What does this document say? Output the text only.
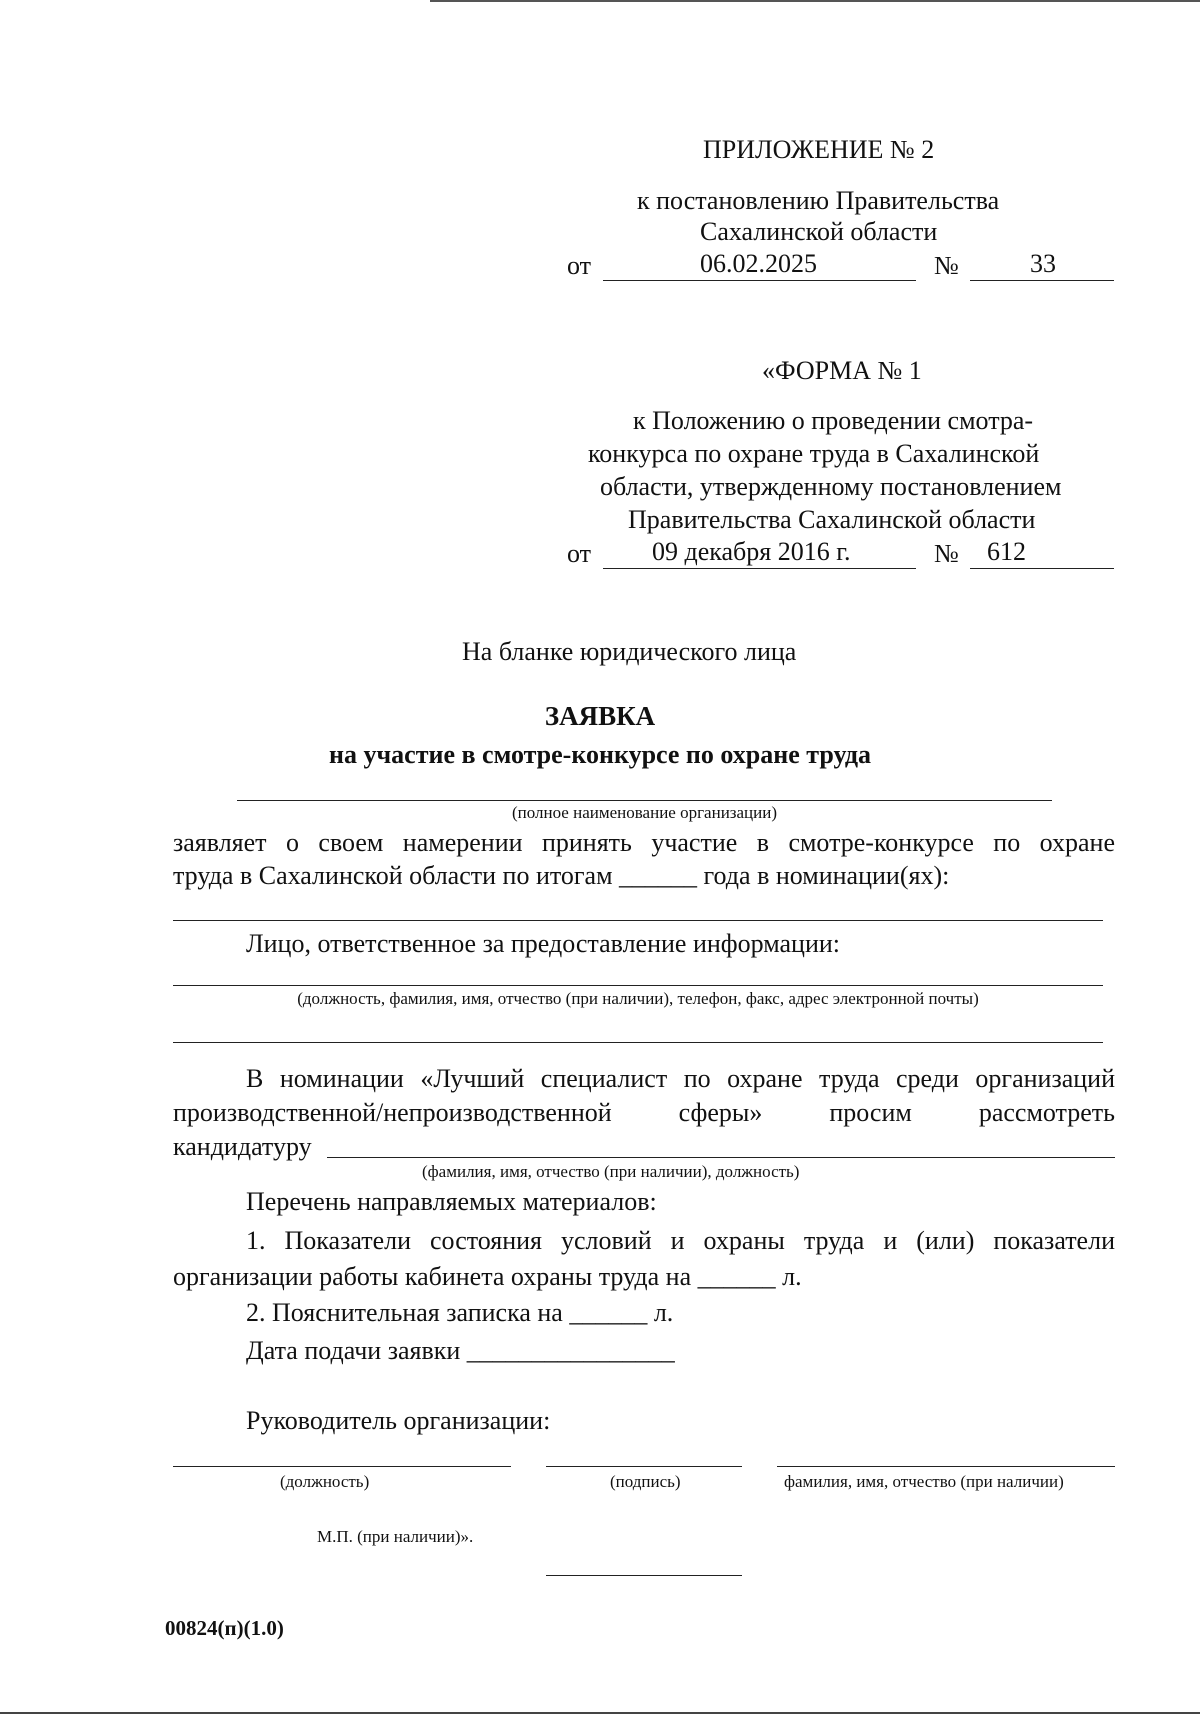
ПРИЛОЖЕНИЕ № 2
к постановлению Правительства
Сахалинской области
от	06.02.2025	№	33
«ФОРМА № 1
к Положению о проведении смотра-
конкурса по охране труда в Сахалинской
области, утвержденному постановлением
Правительства Сахалинской области
от 09 декабря 2016 г.	№ 612
На бланке юридического лица
ЗАЯВКА
на участие в смотре-конкурсе по охране труда
(полное наименование организации)
заявляет о своем намерении принять участие в смотре-конкурсе по охране
труда в Сахалинской области по итогам ______ года в номинации(ях):
Лицо, ответственное за предоставление информации:
(должность, фамилия, имя, отчество (при наличии), телефон, факс, адрес электронной почты)
В номинации «Лучший специалист по охране труда среди организаций
производственной/непроизводственной сферы» просим рассмотреть
кандидатуру
(фамилия, имя, отчество (при наличии), должность)
Перечень направляемых материалов:
1. Показатели состояния условий и охраны труда и (или) показатели
организации работы кабинета охраны труда на ______ л.
2. Пояснительная записка на ______ л.
Дата подачи заявки ________________
Руководитель организации:
(должность)	(подпись)	фамилия, имя, отчество (при наличии)
М.П. (при наличии)».
00824(п)(1.0)
